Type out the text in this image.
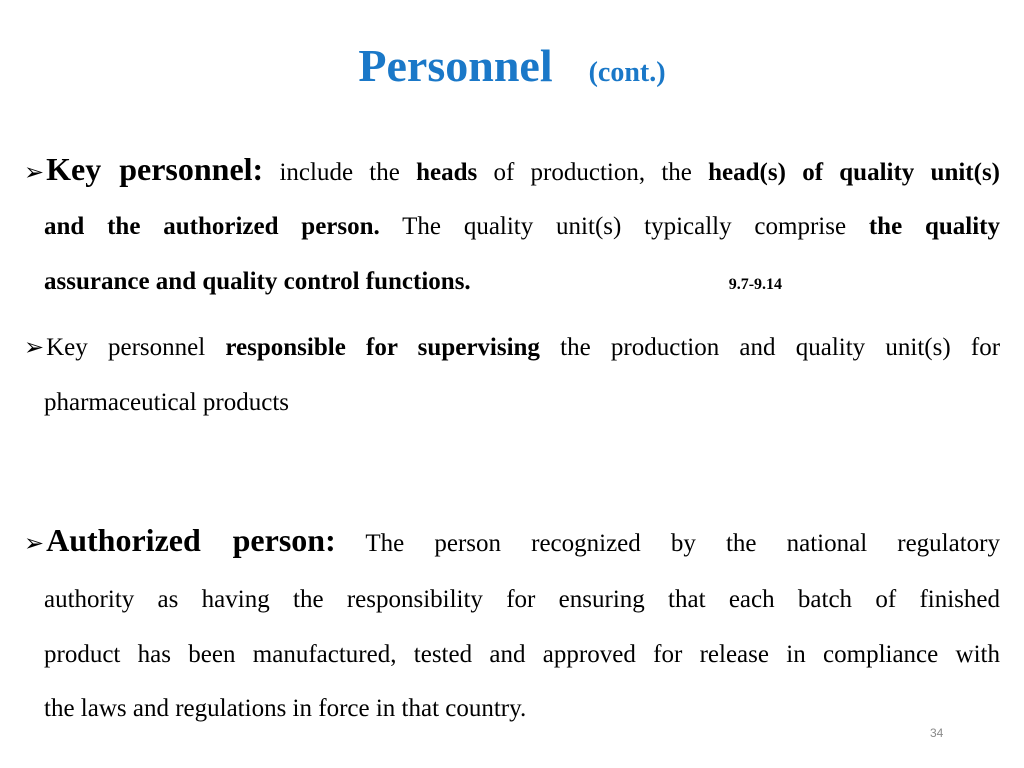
Personnel (cont.)
➢Key personnel: include the heads of production, the head(s) of quality unit(s)
and the authorized person. The quality unit(s) typically comprise the quality
assurance and quality control functions.	9.7-9.14
➢Key personnel responsible for supervising the production and quality unit(s) for
pharmaceutical products
➢Authorized person: The person recognized by the national regulatory
authority as having the responsibility for ensuring that each batch of finished
product has been manufactured, tested and approved for release in compliance with
the laws and regulations in force in that country.
34
